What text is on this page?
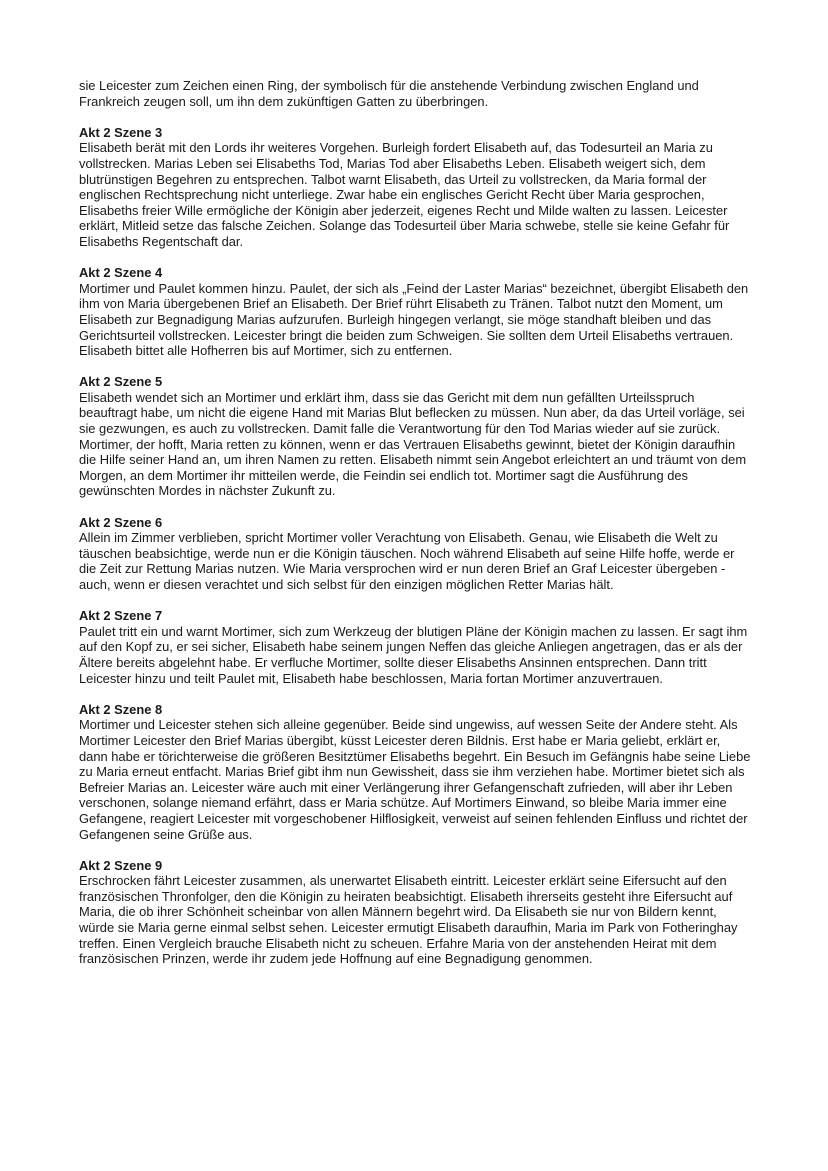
sie Leicester zum Zeichen einen Ring, der symbolisch für die anstehende Verbindung zwischen England und Frankreich zeugen soll, um ihn dem zukünftigen Gatten zu überbringen.

Akt 2 Szene 3

Elisabeth berät mit den Lords ihr weiteres Vorgehen. Burleigh fordert Elisabeth auf, das Todesurteil an Maria zu vollstrecken. Marias Leben sei Elisabeths Tod, Marias Tod aber Elisabeths Leben. Elisabeth weigert sich, dem blutrünstigen Begehren zu entsprechen. Talbot warnt Elisabeth, das Urteil zu vollstrecken, da Maria formal der englischen Rechtsprechung nicht unterliege. Zwar habe ein englisches Gericht Recht über Maria gesprochen, Elisabeths freier Wille ermögliche der Königin aber jederzeit, eigenes Recht und Milde walten zu lassen. Leicester erklärt, Mitleid setze das falsche Zeichen. Solange das Todesurteil über Maria schwebe, stelle sie keine Gefahr für Elisabeths Regentschaft dar.

Akt 2 Szene 4

Mortimer und Paulet kommen hinzu. Paulet, der sich als „Feind der Laster Marias“ bezeichnet, übergibt Elisabeth den ihm von Maria übergebenen Brief an Elisabeth. Der Brief rührt Elisabeth zu Tränen. Talbot nutzt den Moment, um Elisabeth zur Begnadigung Marias aufzurufen. Burleigh hingegen verlangt, sie möge standhaft bleiben und das Gerichtsurteil vollstrecken. Leicester bringt die beiden zum Schweigen. Sie sollten dem Urteil Elisabeths vertrauen. Elisabeth bittet alle Hofherren bis auf Mortimer, sich zu entfernen.

Akt 2 Szene 5

Elisabeth wendet sich an Mortimer und erklärt ihm, dass sie das Gericht mit dem nun gefällten Urteilsspruch beauftragt habe, um nicht die eigene Hand mit Marias Blut beflecken zu müssen. Nun aber, da das Urteil vorläge, sei sie gezwungen, es auch zu vollstrecken. Damit falle die Verantwortung für den Tod Marias wieder auf sie zurück.

Mortimer, der hofft, Maria retten zu können, wenn er das Vertrauen Elisabeths gewinnt, bietet der Königin daraufhin die Hilfe seiner Hand an, um ihren Namen zu retten. Elisabeth nimmt sein Angebot erleichtert an und träumt von dem Morgen, an dem Mortimer ihr mitteilen werde, die Feindin sei endlich tot. Mortimer sagt die Ausführung des gewünschten Mordes in nächster Zukunft zu.

Akt 2 Szene 6

Allein im Zimmer verblieben, spricht Mortimer voller Verachtung von Elisabeth. Genau, wie Elisabeth die Welt zu täuschen beabsichtige, werde nun er die Königin täuschen. Noch während Elisabeth auf seine Hilfe hoffe, werde er die Zeit zur Rettung Marias nutzen. Wie Maria versprochen wird er nun deren Brief an Graf Leicester übergeben - auch, wenn er diesen verachtet und sich selbst für den einzigen möglichen Retter Marias hält.

Akt 2 Szene 7

Paulet tritt ein und warnt Mortimer, sich zum Werkzeug der blutigen Pläne der Königin machen zu lassen. Er sagt ihm auf den Kopf zu, er sei sicher, Elisabeth habe seinem jungen Neffen das gleiche Anliegen angetragen, das er als der Ältere bereits abgelehnt habe. Er verfluche Mortimer, sollte dieser Elisabeths Ansinnen entsprechen. Dann tritt Leicester hinzu und teilt Paulet mit, Elisabeth habe beschlossen, Maria fortan Mortimer anzuvertrauen.

Akt 2 Szene 8

Mortimer und Leicester stehen sich alleine gegenüber. Beide sind ungewiss, auf wessen Seite der Andere steht. Als Mortimer Leicester den Brief Marias übergibt, küsst Leicester deren Bildnis. Erst habe er Maria geliebt, erklärt er, dann habe er törichterweise die größeren Besitztümer Elisabeths begehrt. Ein Besuch im Gefängnis habe seine Liebe zu Maria erneut entfacht. Marias Brief gibt ihm nun Gewissheit, dass sie ihm verziehen habe. Mortimer bietet sich als Befreier Marias an. Leicester wäre auch mit einer Verlängerung ihrer Gefangenschaft zufrieden, will aber ihr Leben verschonen, solange niemand erfährt, dass er Maria schütze. Auf Mortimers Einwand, so bleibe Maria immer eine Gefangene, reagiert Leicester mit vorgeschobener Hilflosigkeit, verweist auf seinen fehlenden Einfluss und richtet der Gefangenen seine Grüße aus.

Akt 2 Szene 9

Erschrocken fährt Leicester zusammen, als unerwartet Elisabeth eintritt. Leicester erklärt seine Eifersucht auf den französischen Thronfolger, den die Königin zu heiraten beabsichtigt. Elisabeth ihrerseits gesteht ihre Eifersucht auf Maria, die ob ihrer Schönheit scheinbar von allen Männern begehrt wird. Da Elisabeth sie nur von Bildern kennt, würde sie Maria gerne einmal selbst sehen. Leicester ermutigt Elisabeth daraufhin, Maria im Park von Fotheringhay treffen. Einen Vergleich brauche Elisabeth nicht zu scheuen. Erfahre Maria von der anstehenden Heirat mit dem französischen Prinzen, werde ihr zudem jede Hoffnung auf eine Begnadigung genommen.
